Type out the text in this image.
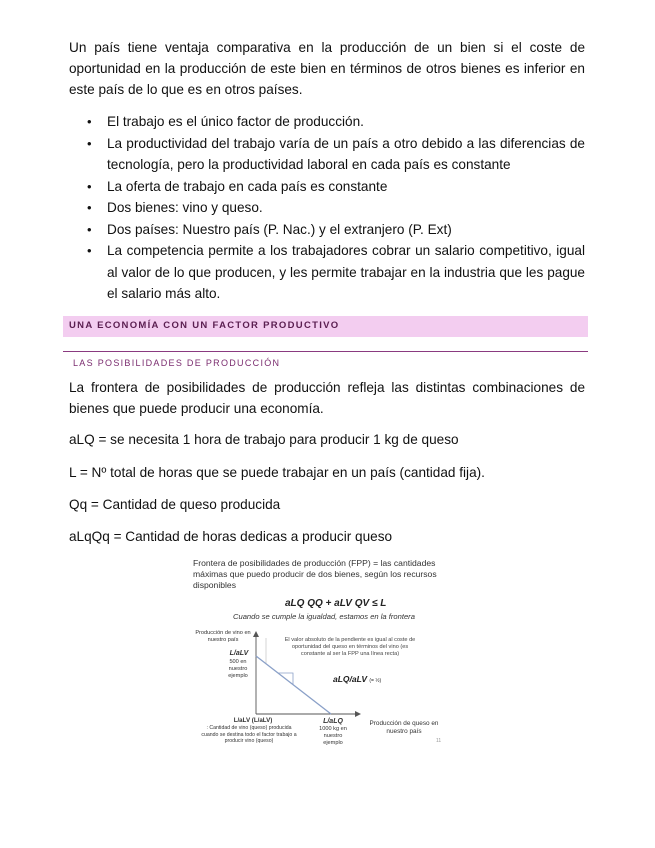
Un país tiene ventaja comparativa en la producción de un bien si el coste de oportunidad en la producción de este bien en términos de otros bienes es inferior en este país de lo que es en otros países.

• El trabajo es el único factor de producción.
• La productividad del trabajo varía de un país a otro debido a las diferencias de tecnología, pero la productividad laboral en cada país es constante
• La oferta de trabajo en cada país es constante
• Dos bienes: vino y queso.
• Dos países: Nuestro país (P. Nac.) y el extranjero (P. Ext)
• La competencia permite a los trabajadores cobrar un salario competitivo, igual al valor de lo que producen, y les permite trabajar en la industria que les pague el salario más alto.
UNA ECONOMÍA CON UN FACTOR PRODUCTIVO
LAS POSIBILIDADES DE PRODUCCIÓN

La frontera de posibilidades de producción refleja las distintas combinaciones de bienes que puede producir una economía.

aLQ = se necesita 1 hora de trabajo para producir 1 kg de queso

L = Nº total de horas que se puede trabajar en un país (cantidad fija).

Qq = Cantidad de queso producida

aLqQq = Cantidad de horas dedicas a producir queso

Frontera de posibilidades de producción (FPP) = las cantidades máximas que puedo producir de dos bienes, según los recursos disponibles
aLQ QQ + aLV QV ≤ L
Cuando se cumple la igualdad, estamos en la frontera
Producción de vino en nuestro país
L/aLV
500 en nuestro ejemplo
El valor absoluto de la pendiente es igual al coste de oportunidad del queso en términos del vino (es constante al ser la FPP una línea recta)
aLQ/aLV (= ½)
L/aLQ
1000 kg en nuestro ejemplo
Producción de queso en nuestro país
L/aLV (L/aLV)
: Cantidad de vino (queso) producida cuando se destina todo el factor trabajo a producir vino (queso)	11
